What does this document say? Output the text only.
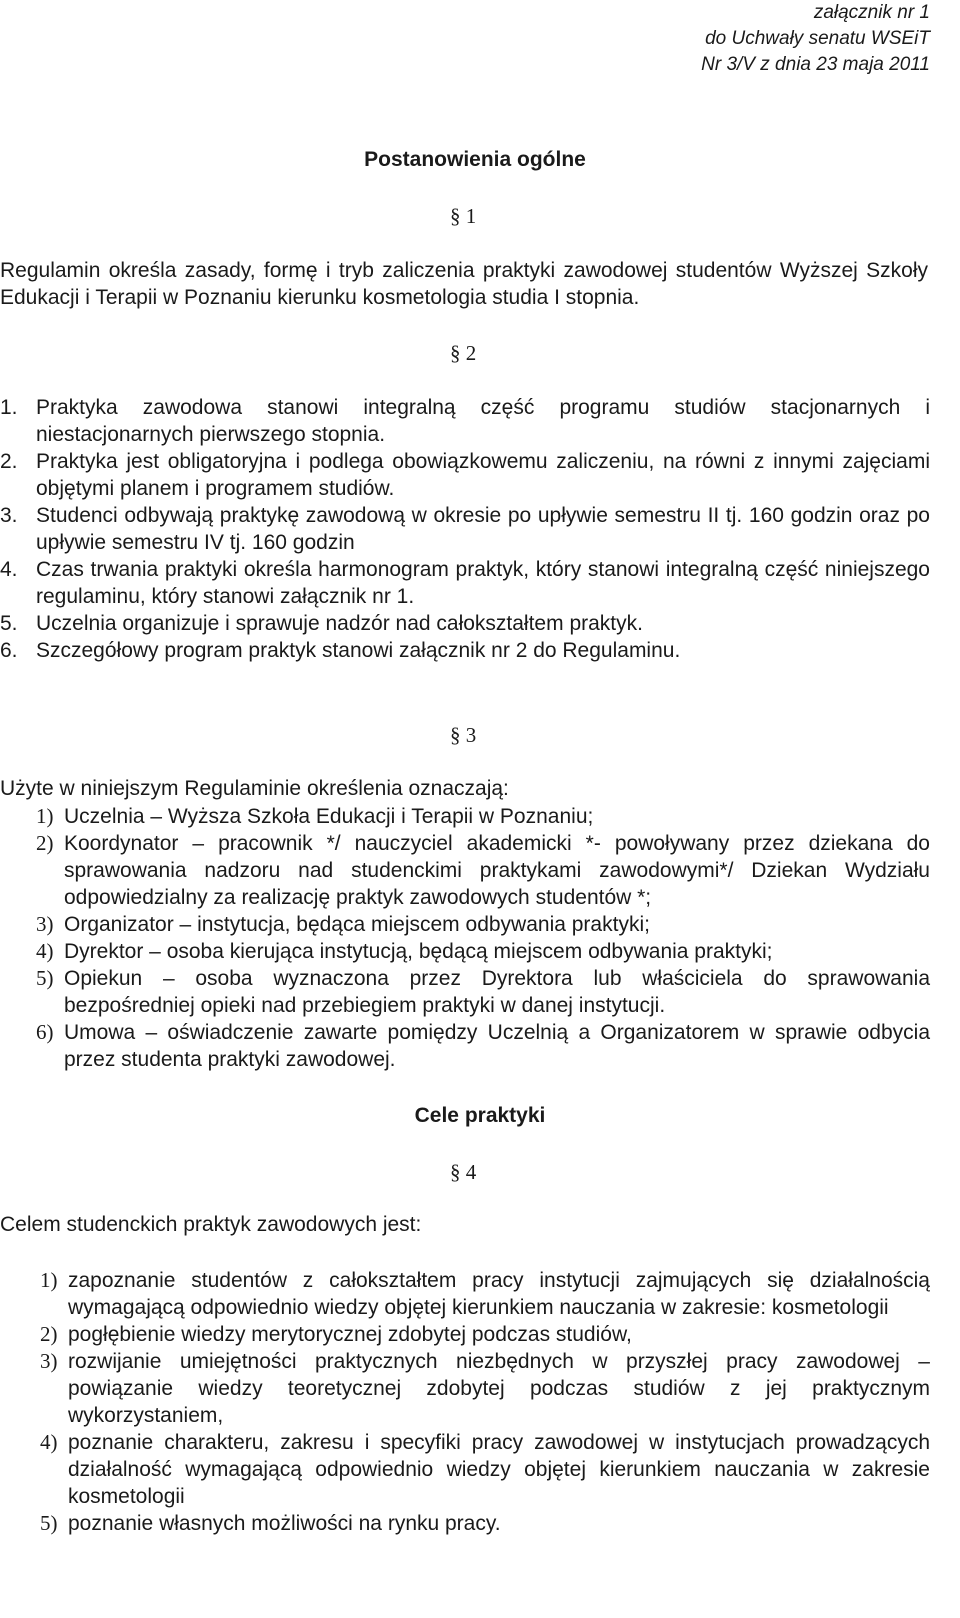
załącznik nr 1
do Uchwały senatu WSEiT
Nr 3/V z dnia 23 maja 2011
Postanowienia ogólne
§ 1
Regulamin określa zasady, formę i tryb zaliczenia praktyki zawodowej studentów Wyższej Szkoły Edukacji i Terapii w Poznaniu kierunku kosmetologia studia I stopnia.
§ 2
1. Praktyka zawodowa stanowi integralną część programu studiów stacjonarnych i niestacjonarnych pierwszego stopnia.
2. Praktyka jest obligatoryjna i podlega obowiązkowemu zaliczeniu, na równi z innymi zajęciami objętymi planem i programem studiów.
3. Studenci odbywają praktykę zawodową w okresie po upływie semestru II tj. 160 godzin oraz po upływie semestru IV tj. 160 godzin
4. Czas trwania praktyki określa harmonogram praktyk, który stanowi integralną część niniejszego regulaminu, który stanowi załącznik nr 1.
5. Uczelnia organizuje i sprawuje nadzór nad całokształtem praktyk.
6. Szczegółowy program praktyk stanowi załącznik nr 2 do Regulaminu.
§ 3
Użyte w niniejszym Regulaminie określenia oznaczają:
1) Uczelnia – Wyższa Szkoła Edukacji i Terapii w Poznaniu;
2) Koordynator – pracownik */ nauczyciel akademicki *- powoływany przez dziekana do sprawowania nadzoru nad studenckimi praktykami zawodowymi*/ Dziekan Wydziału odpowiedzialny za realizację praktyk zawodowych studentów *;
3) Organizator – instytucja, będąca miejscem odbywania praktyki;
4) Dyrektor – osoba kierująca instytucją, będącą miejscem odbywania praktyki;
5) Opiekun – osoba wyznaczona przez Dyrektora lub właściciela do sprawowania bezpośredniej opieki nad przebiegiem praktyki w danej instytucji.
6) Umowa – oświadczenie zawarte pomiędzy Uczelnią a Organizatorem w sprawie odbycia przez studenta praktyki zawodowej.
Cele praktyki
§ 4
Celem studenckich praktyk zawodowych jest:
1) zapoznanie studentów z całokształtem pracy instytucji zajmujących się działalnością wymagającą odpowiednio wiedzy objętej kierunkiem nauczania w zakresie: kosmetologii
2) pogłębienie wiedzy merytorycznej zdobytej podczas studiów,
3) rozwijanie umiejętności praktycznych niezbędnych w przyszłej pracy zawodowej – powiązanie wiedzy teoretycznej zdobytej podczas studiów z jej praktycznym wykorzystaniem,
4) poznanie charakteru, zakresu i specyfiki pracy zawodowej w instytucjach prowadzących działalność wymagającą odpowiednio wiedzy objętej kierunkiem nauczania w zakresie kosmetologii
5) poznanie własnych możliwości na rynku pracy.
